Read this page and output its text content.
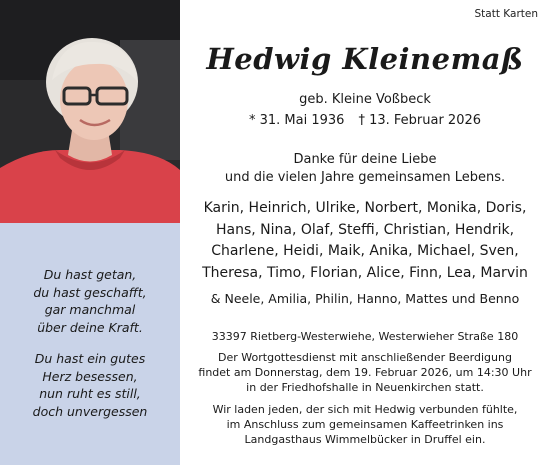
Du hast getan,
du hast geschafft,
gar manchmal
über deine Kraft.
Du hast ein gutes
Herz besessen,
nun ruht es still,
doch unvergessen
Statt Karten
Hedwig Kleinemaß
geb. Kleine Voßbeck
* 31. Mai 1936 † 13. Februar 2026
Danke für deine Liebe
und die vielen Jahre gemeinsamen Lebens.
Karin, Heinrich, Ulrike, Norbert, Monika, Doris,
Hans, Nina, Olaf, Steffi, Christian, Hendrik,
Charlene, Heidi, Maik, Anika, Michael, Sven,
Theresa, Timo, Florian, Alice, Finn, Lea, Marvin
& Neele, Amilia, Philin, Hanno, Mattes und Benno
33397 Rietberg-Westerwiehe, Westerwieher Straße 180
Der Wortgottesdienst mit anschließender Beerdigung
findet am Donnerstag, dem 19. Februar 2026, um 14:30 Uhr
in der Friedhofshalle in Neuenkirchen statt.
Wir laden jeden, der sich mit Hedwig verbunden fühlte,
im Anschluss zum gemeinsamen Kaffeetrinken ins
Landgasthaus Wimmelbücker in Druffel ein.
